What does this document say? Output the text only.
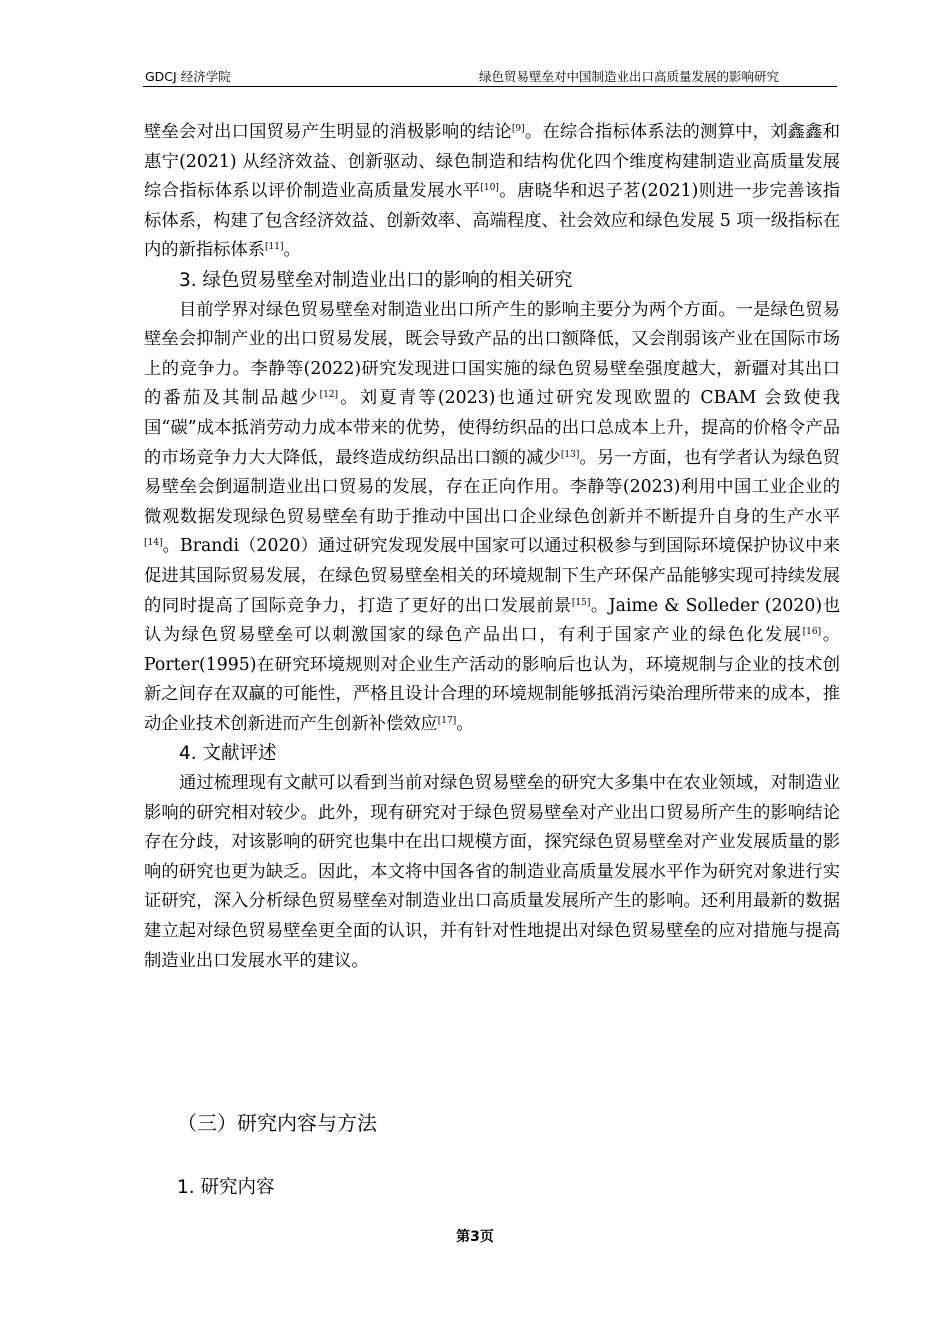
GDCJ 经济学院	绿色贸易壁垒对中国制造业出口高质量发展的影响研究

壁垒会对出口国贸易产生明显的消极影响的结论[9]。在综合指标体系法的测算中，刘鑫鑫和惠宁(2021) 从经济效益、创新驱动、绿色制造和结构优化四个维度构建制造业高质量发展综合指标体系以评价制造业高质量发展水平[10]。唐晓华和迟子茗(2021)则进一步完善该指标体系，构建了包含经济效益、创新效率、高端程度、社会效应和绿色发展 5 项一级指标在内的新指标体系[11]。

3. 绿色贸易壁垒对制造业出口的影响的相关研究

目前学界对绿色贸易壁垒对制造业出口所产生的影响主要分为两个方面。一是绿色贸易壁垒会抑制产业的出口贸易发展，既会导致产品的出口额降低，又会削弱该产业在国际市场上的竞争力。李静等(2022)研究发现进口国实施的绿色贸易壁垒强度越大，新疆对其出口的番茄及其制品越少[12]。刘夏青等(2023)也通过研究发现欧盟的 CBAM 会致使我国“碳”成本抵消劳动力成本带来的优势，使得纺织品的出口总成本上升，提高的价格令产品的市场竞争力大大降低，最终造成纺织品出口额的减少[13]。另一方面，也有学者认为绿色贸易壁垒会倒逼制造业出口贸易的发展，存在正向作用。李静等(2023)利用中国工业企业的微观数据发现绿色贸易壁垒有助于推动中国出口企业绿色创新并不断提升自身的生产水平[14]。Brandi（2020）通过研究发现发展中国家可以通过积极参与到国际环境保护协议中来促进其国际贸易发展，在绿色贸易壁垒相关的环境规制下生产环保产品能够实现可持续发展的同时提高了国际竞争力，打造了更好的出口发展前景[15]。Jaime & Solleder (2020)也认为绿色贸易壁垒可以刺激国家的绿色产品出口，有利于国家产业的绿色化发展[16]。Porter(1995)在研究环境规则对企业生产活动的影响后也认为，环境规制与企业的技术创新之间存在双赢的可能性，严格且设计合理的环境规制能够抵消污染治理所带来的成本，推动企业技术创新进而产生创新补偿效应[17]。

4. 文献评述

通过梳理现有文献可以看到当前对绿色贸易壁垒的研究大多集中在农业领域，对制造业影响的研究相对较少。此外，现有研究对于绿色贸易壁垒对产业出口贸易所产生的影响结论存在分歧，对该影响的研究也集中在出口规模方面，探究绿色贸易壁垒对产业发展质量的影响的研究也更为缺乏。因此，本文将中国各省的制造业高质量发展水平作为研究对象进行实证研究，深入分析绿色贸易壁垒对制造业出口高质量发展所产生的影响。还利用最新的数据建立起对绿色贸易壁垒更全面的认识，并有针对性地提出对绿色贸易壁垒的应对措施与提高制造业出口发展水平的建议。

（三）研究内容与方法

1. 研究内容

第3页
